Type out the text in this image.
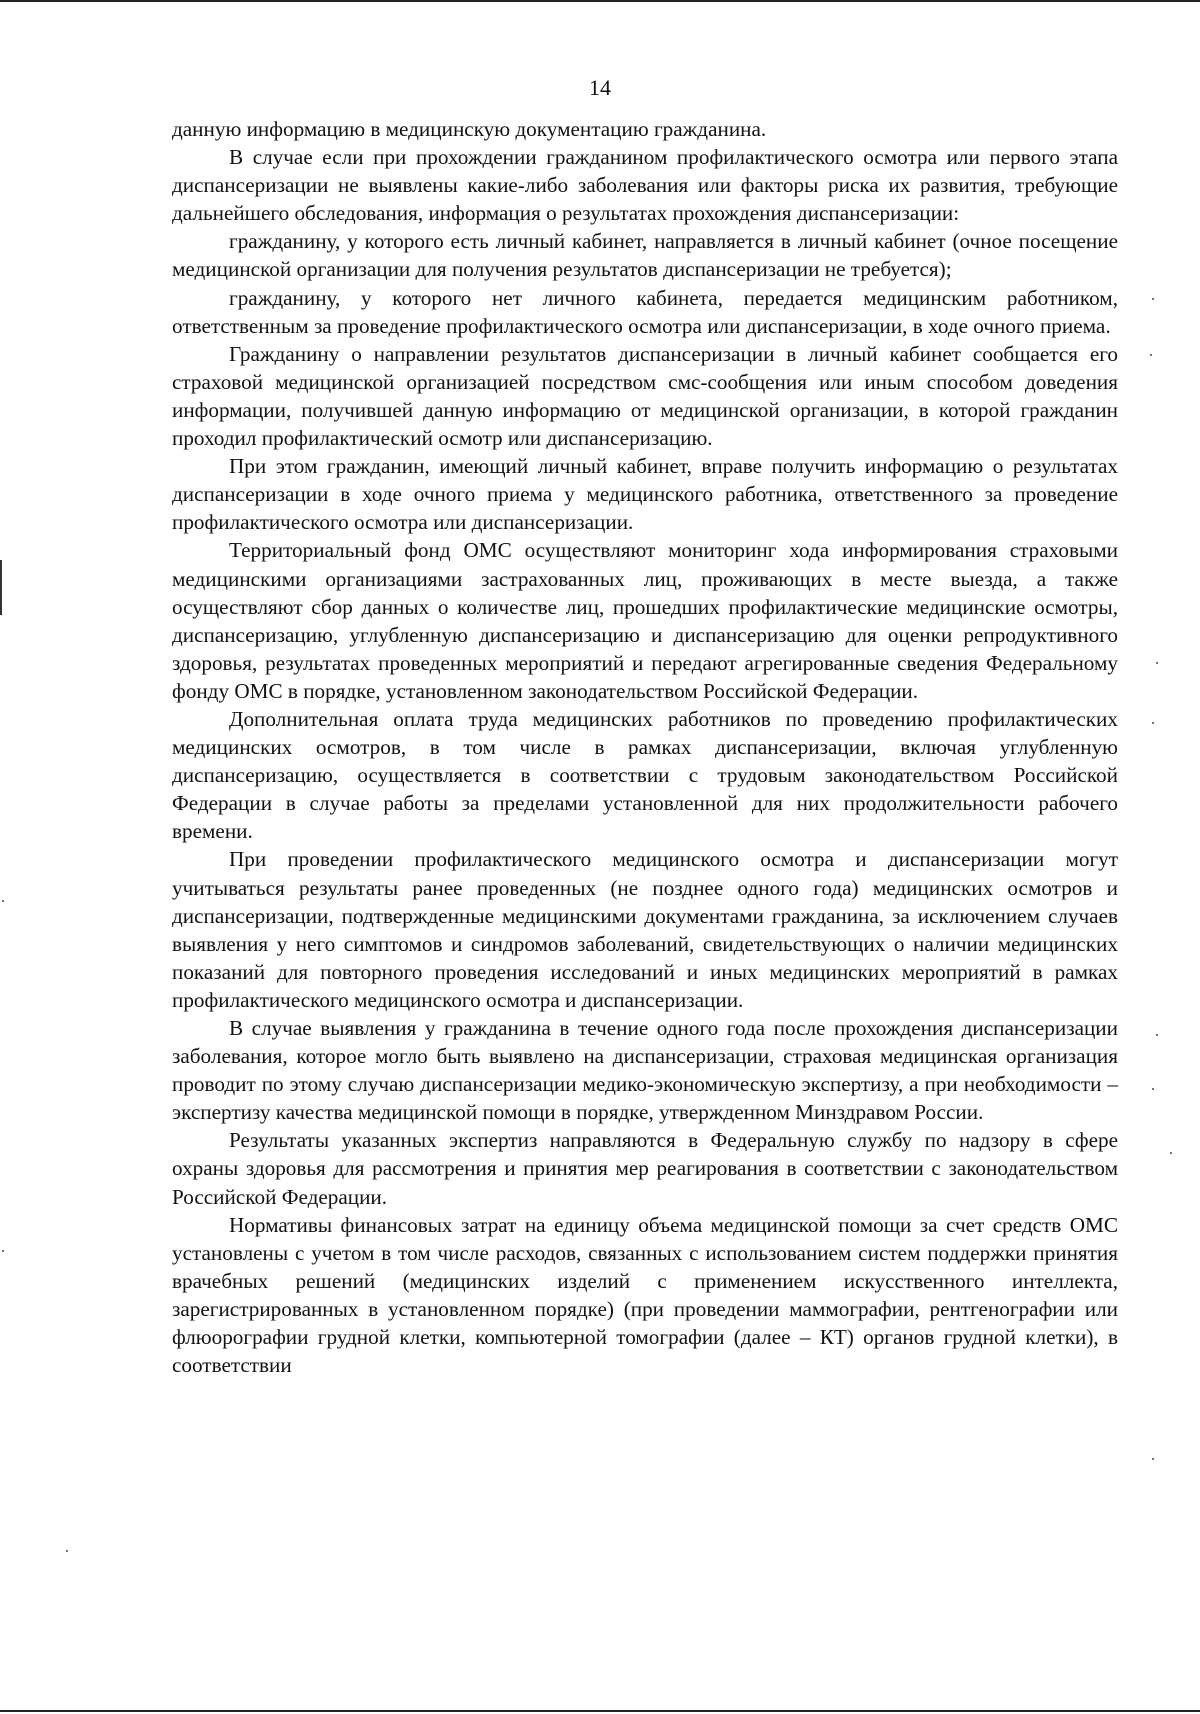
14

данную информацию в медицинскую документацию гражданина.

В случае если при прохождении гражданином профилактического осмотра или первого этапа диспансеризации не выявлены какие-либо заболевания или факторы риска их развития, требующие дальнейшего обследования, информация о результатах прохождения диспансеризации:

гражданину, у которого есть личный кабинет, направляется в личный кабинет (очное посещение медицинской организации для получения результатов диспансеризации не требуется);

гражданину, у которого нет личного кабинета, передается медицинским работником, ответственным за проведение профилактического осмотра или диспансеризации, в ходе очного приема.

Гражданину о направлении результатов диспансеризации в личный кабинет сообщается его страховой медицинской организацией посредством смс-сообщения или иным способом доведения информации, получившей данную информацию от медицинской организации, в которой гражданин проходил профилактический осмотр или диспансеризацию.

При этом гражданин, имеющий личный кабинет, вправе получить информацию о результатах диспансеризации в ходе очного приема у медицинского работника, ответственного за проведение профилактического осмотра или диспансеризации.

Территориальный фонд ОМС осуществляют мониторинг хода информирования страховыми медицинскими организациями застрахованных лиц, проживающих в месте выезда, а также осуществляют сбор данных о количестве лиц, прошедших профилактические медицинские осмотры, диспансеризацию, углубленную диспансеризацию и диспансеризацию для оценки репродуктивного здоровья, результатах проведенных мероприятий и передают агрегированные сведения Федеральному фонду ОМС в порядке, установленном законодательством Российской Федерации.

Дополнительная оплата труда медицинских работников по проведению профилактических медицинских осмотров, в том числе в рамках диспансеризации, включая углубленную диспансеризацию, осуществляется в соответствии с трудовым законодательством Российской Федерации в случае работы за пределами установленной для них продолжительности рабочего времени.

При проведении профилактического медицинского осмотра и диспансеризации могут учитываться результаты ранее проведенных (не позднее одного года) медицинских осмотров и диспансеризации, подтвержденные медицинскими документами гражданина, за исключением случаев выявления у него симптомов и синдромов заболеваний, свидетельствующих о наличии медицинских показаний для повторного проведения исследований и иных медицинских мероприятий в рамках профилактического медицинского осмотра и диспансеризации.

В случае выявления у гражданина в течение одного года после прохождения диспансеризации заболевания, которое могло быть выявлено на диспансеризации, страховая медицинская организация проводит по этому случаю диспансеризации медико-экономическую экспертизу, а при необходимости – экспертизу качества медицинской помощи в порядке, утвержденном Минздравом России.

Результаты указанных экспертиз направляются в Федеральную службу по надзору в сфере охраны здоровья для рассмотрения и принятия мер реагирования в соответствии с законодательством Российской Федерации.

Нормативы финансовых затрат на единицу объема медицинской помощи за счет средств ОМС установлены с учетом в том числе расходов, связанных с использованием систем поддержки принятия врачебных решений (медицинских изделий с применением искусственного интеллекта, зарегистрированных в установленном порядке) (при проведении маммографии, рентгенографии или флюорографии грудной клетки, компьютерной томографии (далее – КТ) органов грудной клетки), в соответствии
